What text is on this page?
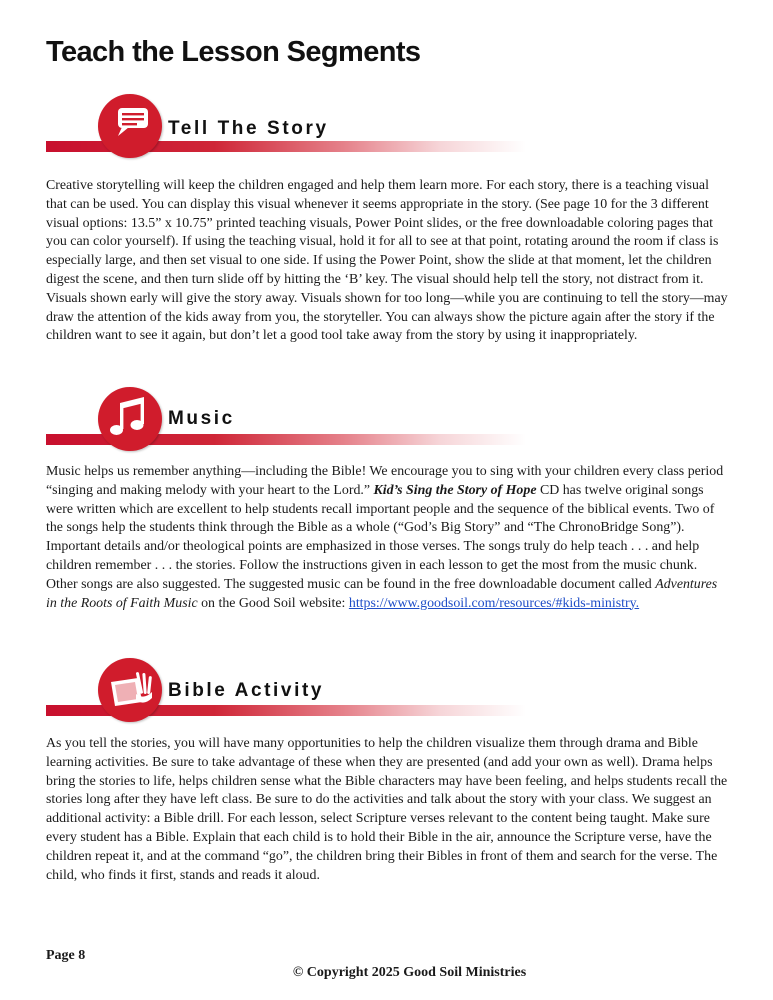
Teach the Lesson Segments
Tell The Story

Creative storytelling will keep the children engaged and help them learn more. For each story, there is a teaching visual that can be used. You can display this visual whenever it seems appropriate in the story. (See page 10 for the 3 different visual options: 13.5” x 10.75” printed teaching visuals, Power Point slides, or the free downloadable coloring pages that you can color yourself). If using the teaching visual, hold it for all to see at that point, rotating around the room if class is especially large, and then set visual to one side. If using the Power Point, show the slide at that moment, let the children digest the scene, and then turn slide off by hitting the ‘B’ key. The visual should help tell the story, not distract from it. Visuals shown early will give the story away. Visuals shown for too long—while you are continuing to tell the story—may draw the attention of the kids away from you, the storyteller. You can always show the picture again after the story if the children want to see it again, but don’t let a good tool take away from the story by using it inappropriately.

Music

Music helps us remember anything—including the Bible! We encourage you to sing with your children every class period “singing and making melody with your heart to the Lord.” Kid’s Sing the Story of Hope CD has twelve original songs were written which are excellent to help students recall important people and the sequence of the biblical events. Two of the songs help the students think through the Bible as a whole (“God’s Big Story” and “The ChronoBridge Song”). Important details and/or theological points are emphasized in those verses. The songs truly do help teach . . . and help children remember . . . the stories. Follow the instructions given in each lesson to get the most from the music chunk. Other songs are also suggested. The suggested music can be found in the free downloadable document called Adventures in the Roots of Faith Music on the Good Soil website: https://www.goodsoil.com/resources/#kids-ministry.

Bible Activity

As you tell the stories, you will have many opportunities to help the children visualize them through drama and Bible learning activities. Be sure to take advantage of these when they are presented (and add your own as well). Drama helps bring the stories to life, helps children sense what the Bible characters may have been feeling, and helps students recall the stories long after they have left class. Be sure to do the activities and talk about the story with your class. We suggest an additional activity: a Bible drill. For each lesson, select Scripture verses relevant to the content being taught. Make sure every student has a Bible. Explain that each child is to hold their Bible in the air, announce the Scripture verse, have the children repeat it, and at the command “go”, the children bring their Bibles in front of them and search for the verse. The child, who finds it first, stands and reads it aloud.

Page 8
© Copyright 2025 Good Soil Ministries
